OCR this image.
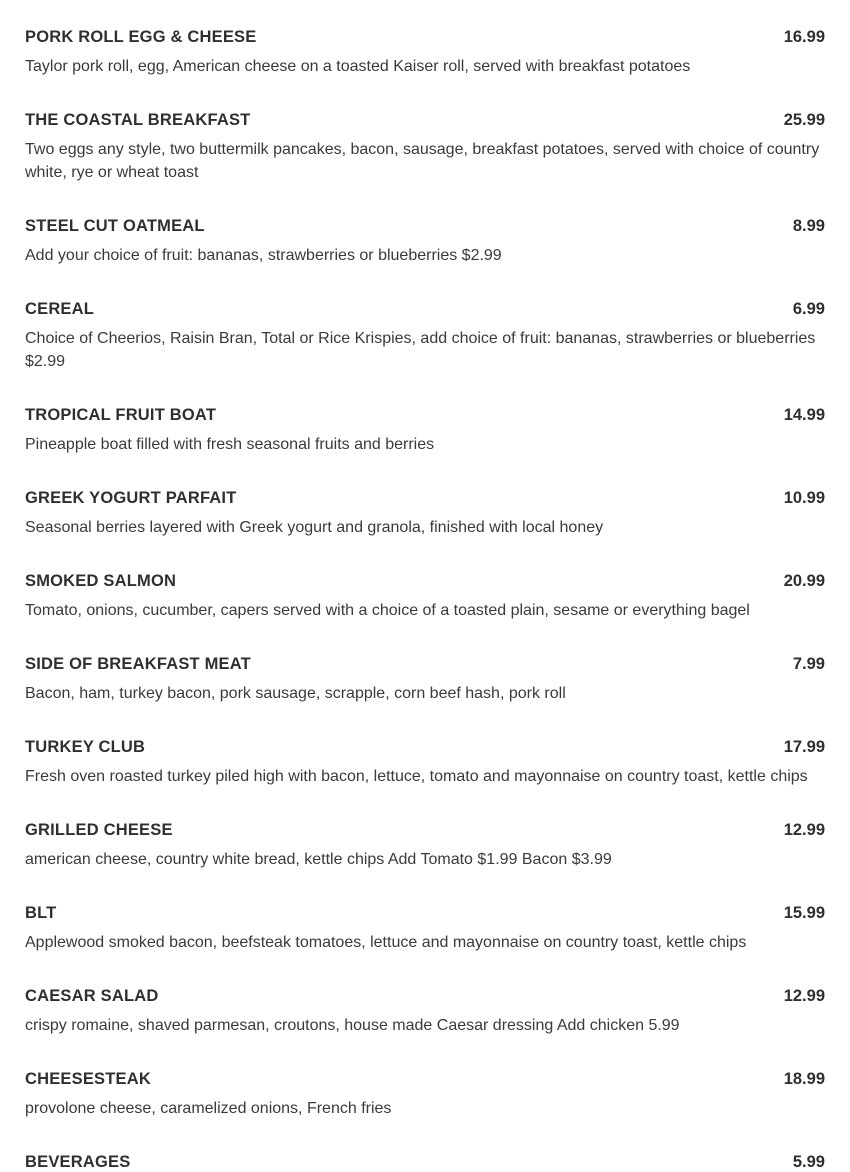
PORK ROLL EGG & CHEESE	16.99
Taylor pork roll, egg, American cheese on a toasted Kaiser roll, served with breakfast potatoes
THE COASTAL BREAKFAST	25.99
Two eggs any style, two buttermilk pancakes, bacon, sausage, breakfast potatoes, served with choice of country white, rye or wheat toast
STEEL CUT OATMEAL	8.99
Add your choice of fruit: bananas, strawberries or blueberries $2.99
CEREAL	6.99
Choice of Cheerios, Raisin Bran, Total or Rice Krispies, add choice of fruit: bananas, strawberries or blueberries $2.99
TROPICAL FRUIT BOAT	14.99
Pineapple boat filled with fresh seasonal fruits and berries
GREEK YOGURT PARFAIT	10.99
Seasonal berries layered with Greek yogurt and granola, finished with local honey
SMOKED SALMON	20.99
Tomato, onions, cucumber, capers served with a choice of a toasted plain, sesame or everything bagel
SIDE OF BREAKFAST MEAT	7.99
Bacon, ham, turkey bacon, pork sausage, scrapple, corn beef hash, pork roll
TURKEY CLUB	17.99
Fresh oven roasted turkey piled high with bacon, lettuce, tomato and mayonnaise on country toast, kettle chips
GRILLED CHEESE	12.99
american cheese, country white bread, kettle chips Add Tomato $1.99 Bacon $3.99
BLT	15.99
Applewood smoked bacon, beefsteak tomatoes, lettuce and mayonnaise on country toast, kettle chips
CAESAR SALAD	12.99
crispy romaine, shaved parmesan, croutons, house made Caesar dressing Add chicken 5.99
CHEESESTEAK	18.99
provolone cheese, caramelized onions, French fries
BEVERAGES	5.99
